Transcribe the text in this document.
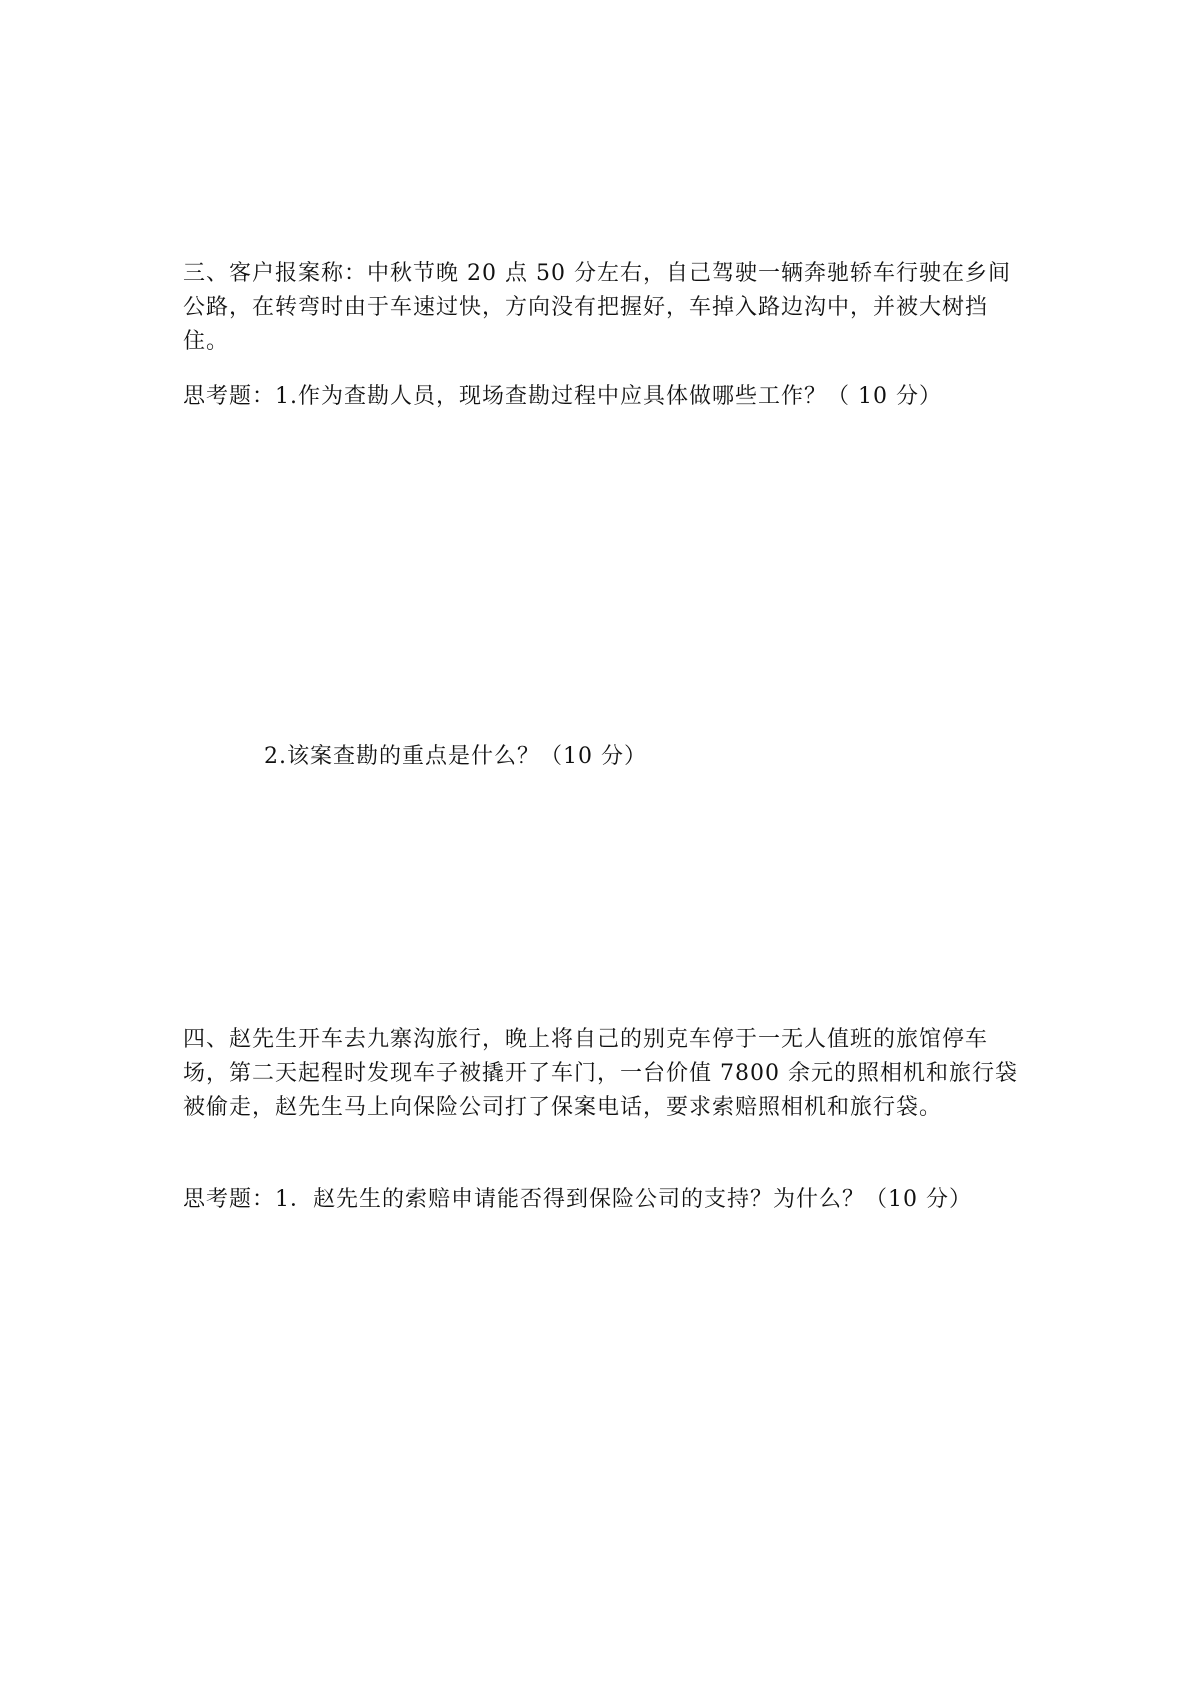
三、客户报案称：中秋节晚 20 点 50 分左右，自己驾驶一辆奔驰轿车行驶在乡间公路，在转弯时由于车速过快，方向没有把握好，车掉入路边沟中，并被大树挡住。

思考题：1.作为查勘人员，现场查勘过程中应具体做哪些工作？（ 10 分）

2.该案查勘的重点是什么？（10 分）

四、赵先生开车去九寨沟旅行，晚上将自己的别克车停于一无人值班的旅馆停车场，第二天起程时发现车子被撬开了车门，一台价值 7800 余元的照相机和旅行袋被偷走，赵先生马上向保险公司打了保案电话，要求索赔照相机和旅行袋。

思考题：1．赵先生的索赔申请能否得到保险公司的支持？为什么？（10 分）
